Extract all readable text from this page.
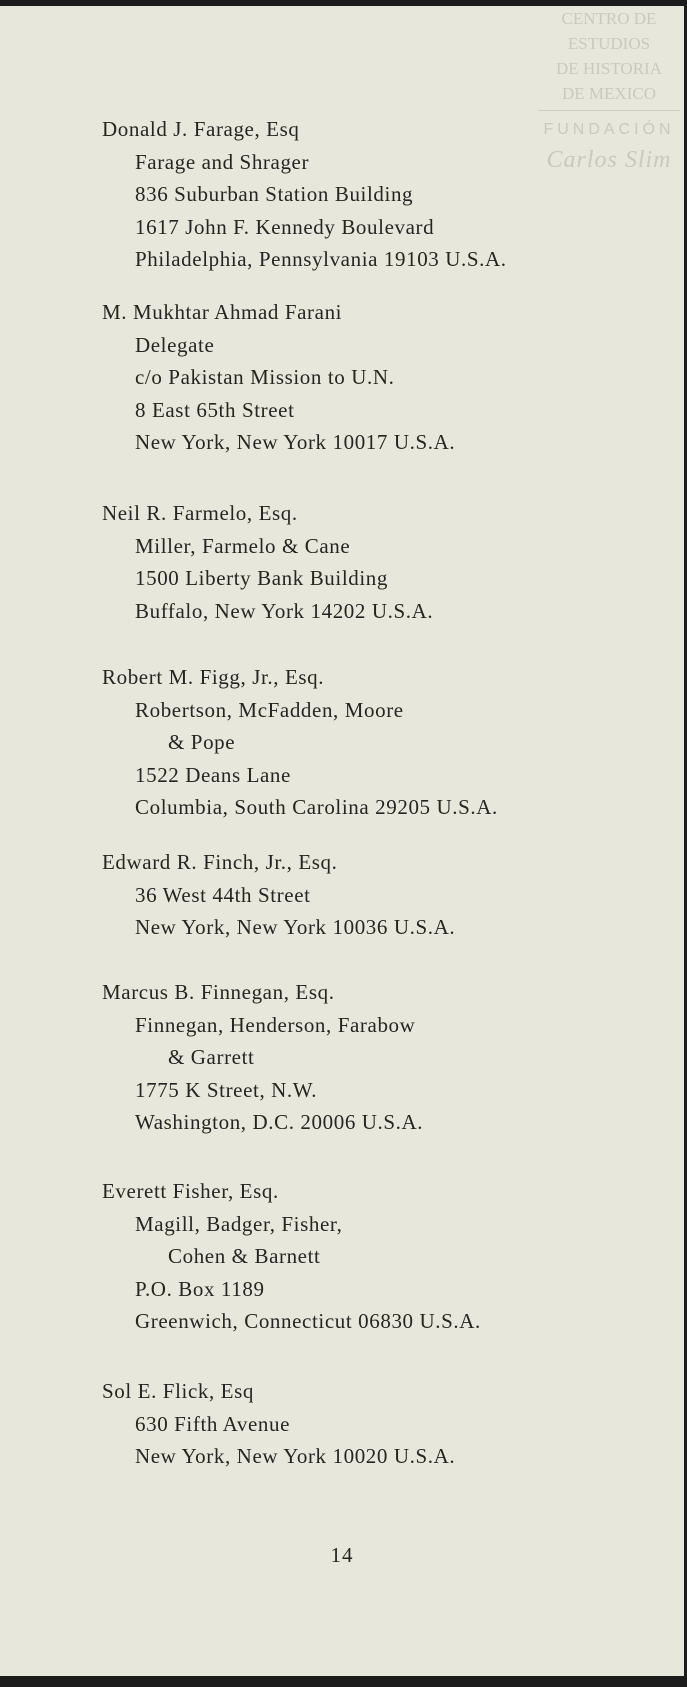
CENTRO DE
ESTUDIOS
DE HISTORIA
DE MEXICO
FUNDACIÓN
Carlos Slim
Donald J. Farage, Esq
Farage and Shrager
836 Suburban Station Building
1617 John F. Kennedy Boulevard
Philadelphia, Pennsylvania 19103 U.S.A.
M. Mukhtar Ahmad Farani
Delegate
c/o Pakistan Mission to U.N.
8 East 65th Street
New York, New York 10017 U.S.A.
Neil R. Farmelo, Esq.
Miller, Farmelo & Cane
1500 Liberty Bank Building
Buffalo, New York 14202 U.S.A.
Robert M. Figg, Jr., Esq.
Robertson, McFadden, Moore
& Pope
1522 Deans Lane
Columbia, South Carolina 29205 U.S.A.
Edward R. Finch, Jr., Esq.
36 West 44th Street
New York, New York 10036 U.S.A.
Marcus B. Finnegan, Esq.
Finnegan, Henderson, Farabow
& Garrett
1775 K Street, N.W.
Washington, D.C. 20006 U.S.A.
Everett Fisher, Esq.
Magill, Badger, Fisher,
Cohen & Barnett
P.O. Box 1189
Greenwich, Connecticut 06830 U.S.A.
Sol E. Flick, Esq
630 Fifth Avenue
New York, New York 10020 U.S.A.
14
